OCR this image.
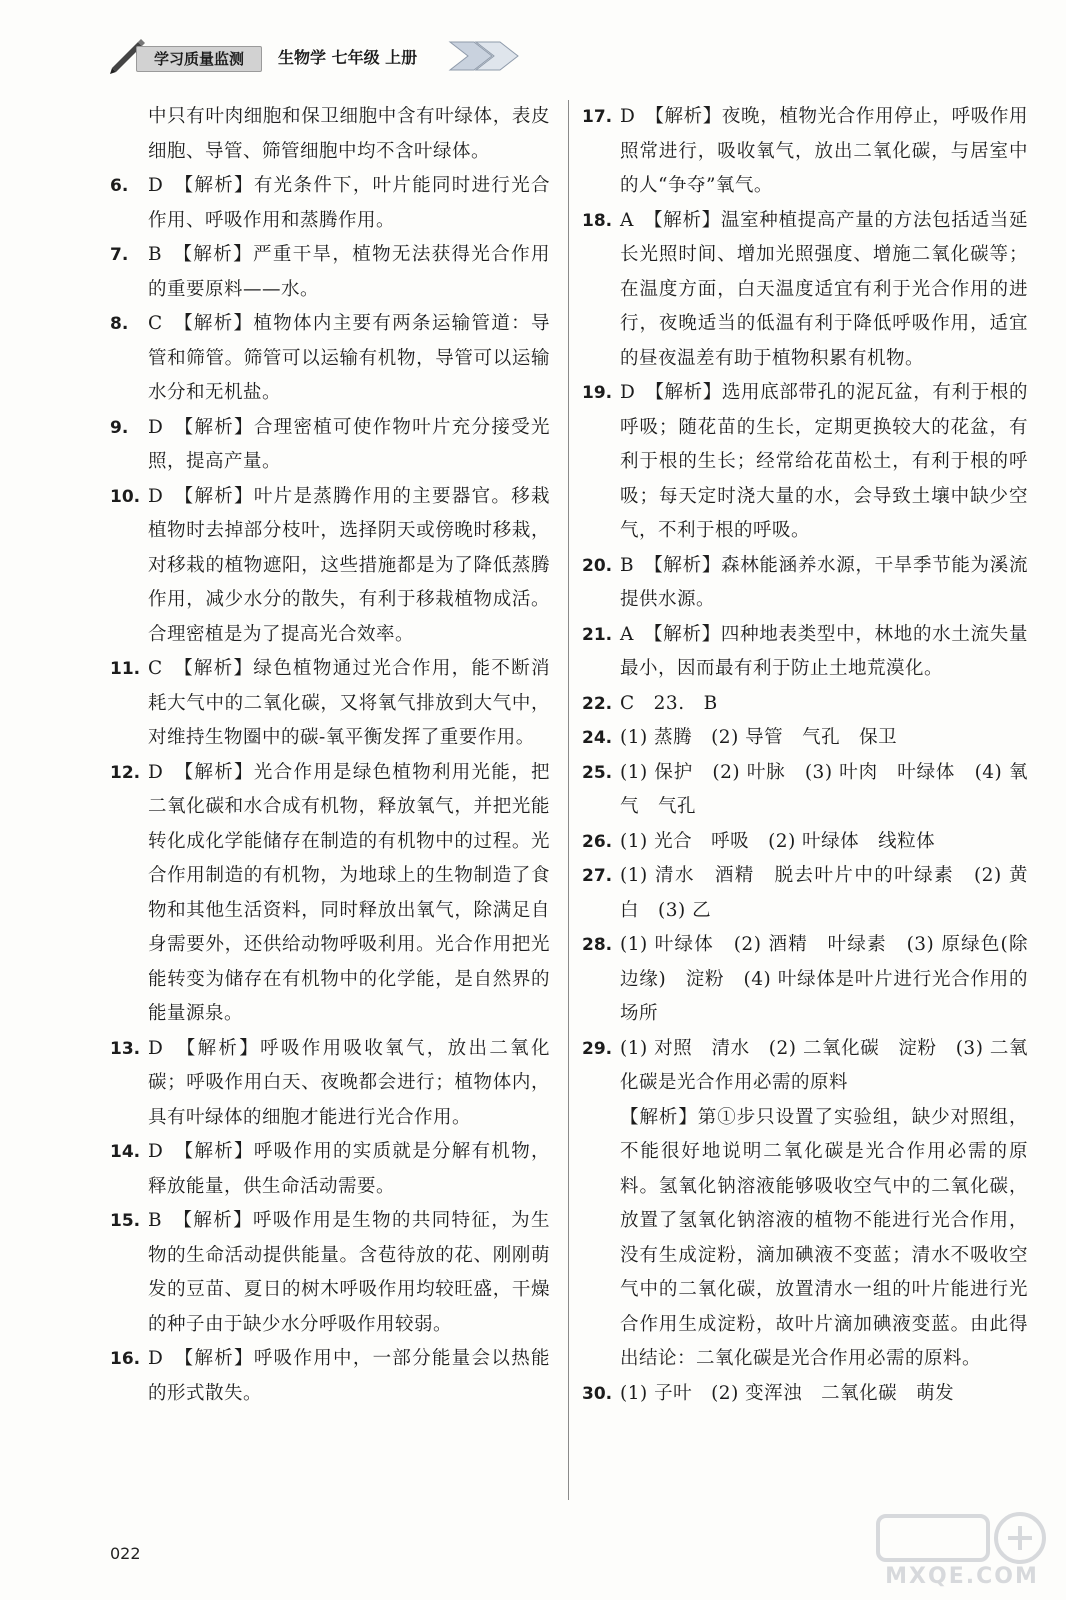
学习质量监测	生物学 七年级 上册
中只有叶肉细胞和保卫细胞中含有叶绿体，表皮细胞、导管、筛管细胞中均不含叶绿体。
6.	D　【解析】有光条件下，叶片能同时进行光合作用、呼吸作用和蒸腾作用。
7.	B　【解析】严重干旱，植物无法获得光合作用的重要原料——水。
8.	C　【解析】植物体内主要有两条运输管道：导管和筛管。筛管可以运输有机物，导管可以运输水分和无机盐。
9.	D　【解析】合理密植可使作物叶片充分接受光照，提高产量。
10. D　【解析】叶片是蒸腾作用的主要器官。移栽植物时去掉部分枝叶，选择阴天或傍晚时移栽，对移栽的植物遮阳，这些措施都是为了降低蒸腾作用，减少水分的散失，有利于移栽植物成活。合理密植是为了提高光合效率。
11. C　【解析】绿色植物通过光合作用，能不断消耗大气中的二氧化碳，又将氧气排放到大气中，对维持生物圈中的碳-氧平衡发挥了重要作用。
12. D　【解析】光合作用是绿色植物利用光能，把二氧化碳和水合成有机物，释放氧气，并把光能转化成化学能储存在制造的有机物中的过程。光合作用制造的有机物，为地球上的生物制造了食物和其他生活资料，同时释放出氧气，除满足自身需要外，还供给动物呼吸利用。光合作用把光能转变为储存在有机物中的化学能，是自然界的能量源泉。
13. D　【解析】呼吸作用吸收氧气，放出二氧化碳；呼吸作用白天、夜晚都会进行；植物体内，具有叶绿体的细胞才能进行光合作用。
14. D　【解析】呼吸作用的实质就是分解有机物，释放能量，供生命活动需要。
15. B　【解析】呼吸作用是生物的共同特征，为生物的生命活动提供能量。含苞待放的花、刚刚萌发的豆苗、夏日的树木呼吸作用均较旺盛，干燥的种子由于缺少水分呼吸作用较弱。
16. D　【解析】呼吸作用中，一部分能量会以热能的形式散失。
17. D　【解析】夜晚，植物光合作用停止，呼吸作用照常进行，吸收氧气，放出二氧化碳，与居室中的人“争夺”氧气。
18. A　【解析】温室种植提高产量的方法包括适当延长光照时间、增加光照强度、增施二氧化碳等；在温度方面，白天温度适宜有利于光合作用的进行，夜晚适当的低温有利于降低呼吸作用，适宜的昼夜温差有助于植物积累有机物。
19. D　【解析】选用底部带孔的泥瓦盆，有利于根的呼吸；随花苗的生长，定期更换较大的花盆，有利于根的生长；经常给花苗松土，有利于根的呼吸；每天定时浇大量的水，会导致土壤中缺少空气，不利于根的呼吸。
20. B　【解析】森林能涵养水源，干旱季节能为溪流提供水源。
21. A　【解析】四种地表类型中，林地的水土流失量最小，因而最有利于防止土地荒漠化。
22. C　23.　B
24. (1) 蒸腾　(2) 导管　气孔　保卫
25. (1) 保护　(2) 叶脉　(3) 叶肉　叶绿体　(4) 氧气　气孔
26. (1) 光合　呼吸　(2) 叶绿体　线粒体
27. (1) 清水　酒精　脱去叶片中的叶绿素　(2) 黄白　(3) 乙
28. (1) 叶绿体　(2) 酒精　叶绿素　(3) 原绿色(除边缘)　淀粉　(4) 叶绿体是叶片进行光合作用的场所
29. (1) 对照　清水　(2) 二氧化碳　淀粉　(3) 二氧化碳是光合作用必需的原料
【解析】第①步只设置了实验组，缺少对照组，不能很好地说明二氧化碳是光合作用必需的原料。氢氧化钠溶液能够吸收空气中的二氧化碳，放置了氢氧化钠溶液的植物不能进行光合作用，没有生成淀粉，滴加碘液不变蓝；清水不吸收空气中的二氧化碳，放置清水一组的叶片能进行光合作用生成淀粉，故叶片滴加碘液变蓝。由此得出结论：二氧化碳是光合作用必需的原料。
30. (1) 子叶　(2) 变浑浊　二氧化碳　萌发
022
MXQE.COM
